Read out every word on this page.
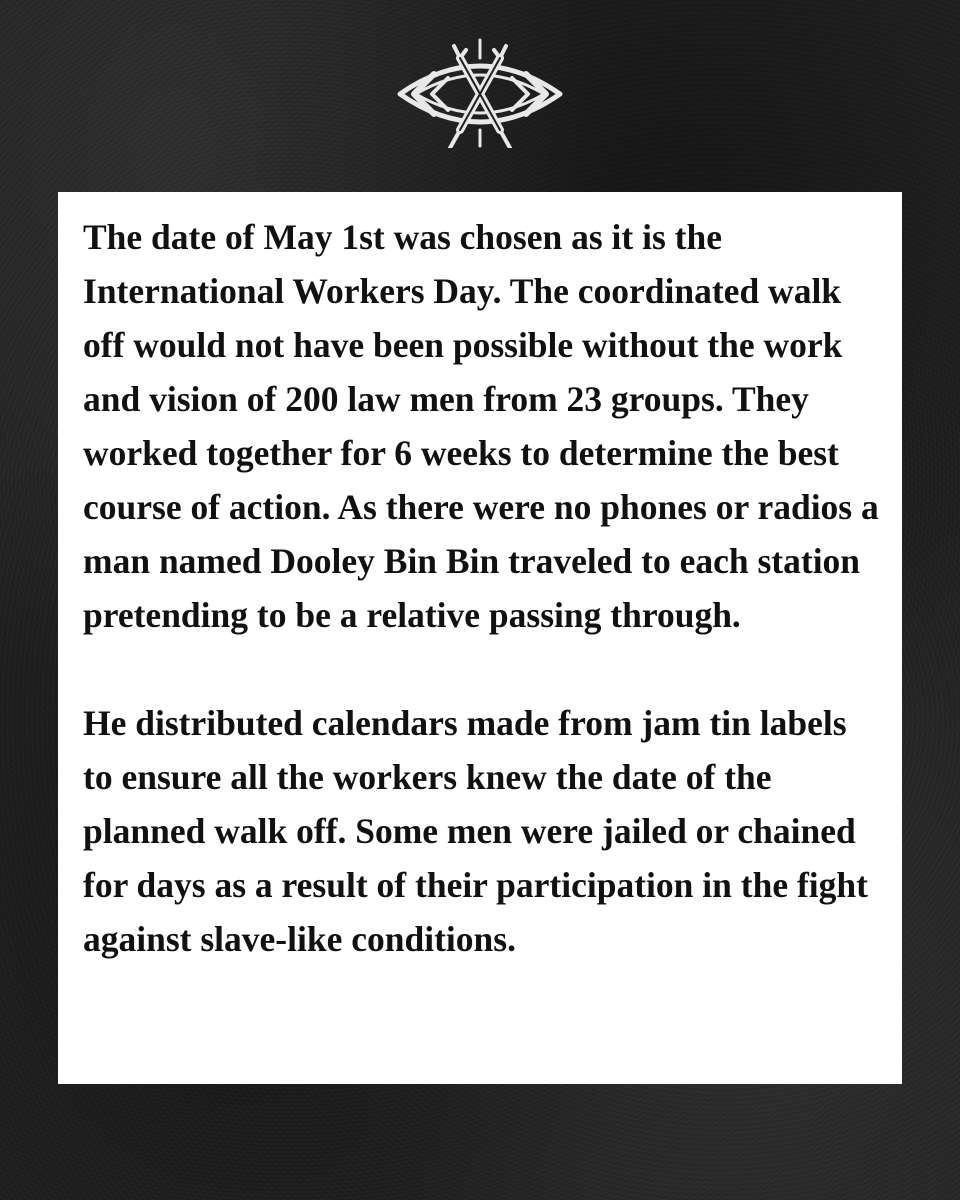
The date of May 1st was chosen as it is the International Workers Day. The coordinated walk off would not have been possible without the work and vision of 200 law men from 23 groups. They worked together for 6 weeks to determine the best course of action. As there were no phones or radios a man named Dooley Bin Bin traveled to each station pretending to be a relative passing through.

He distributed calendars made from jam tin labels to ensure all the workers knew the date of the planned walk off. Some men were jailed or chained for days as a result of their participation in the fight against slave-like conditions.
